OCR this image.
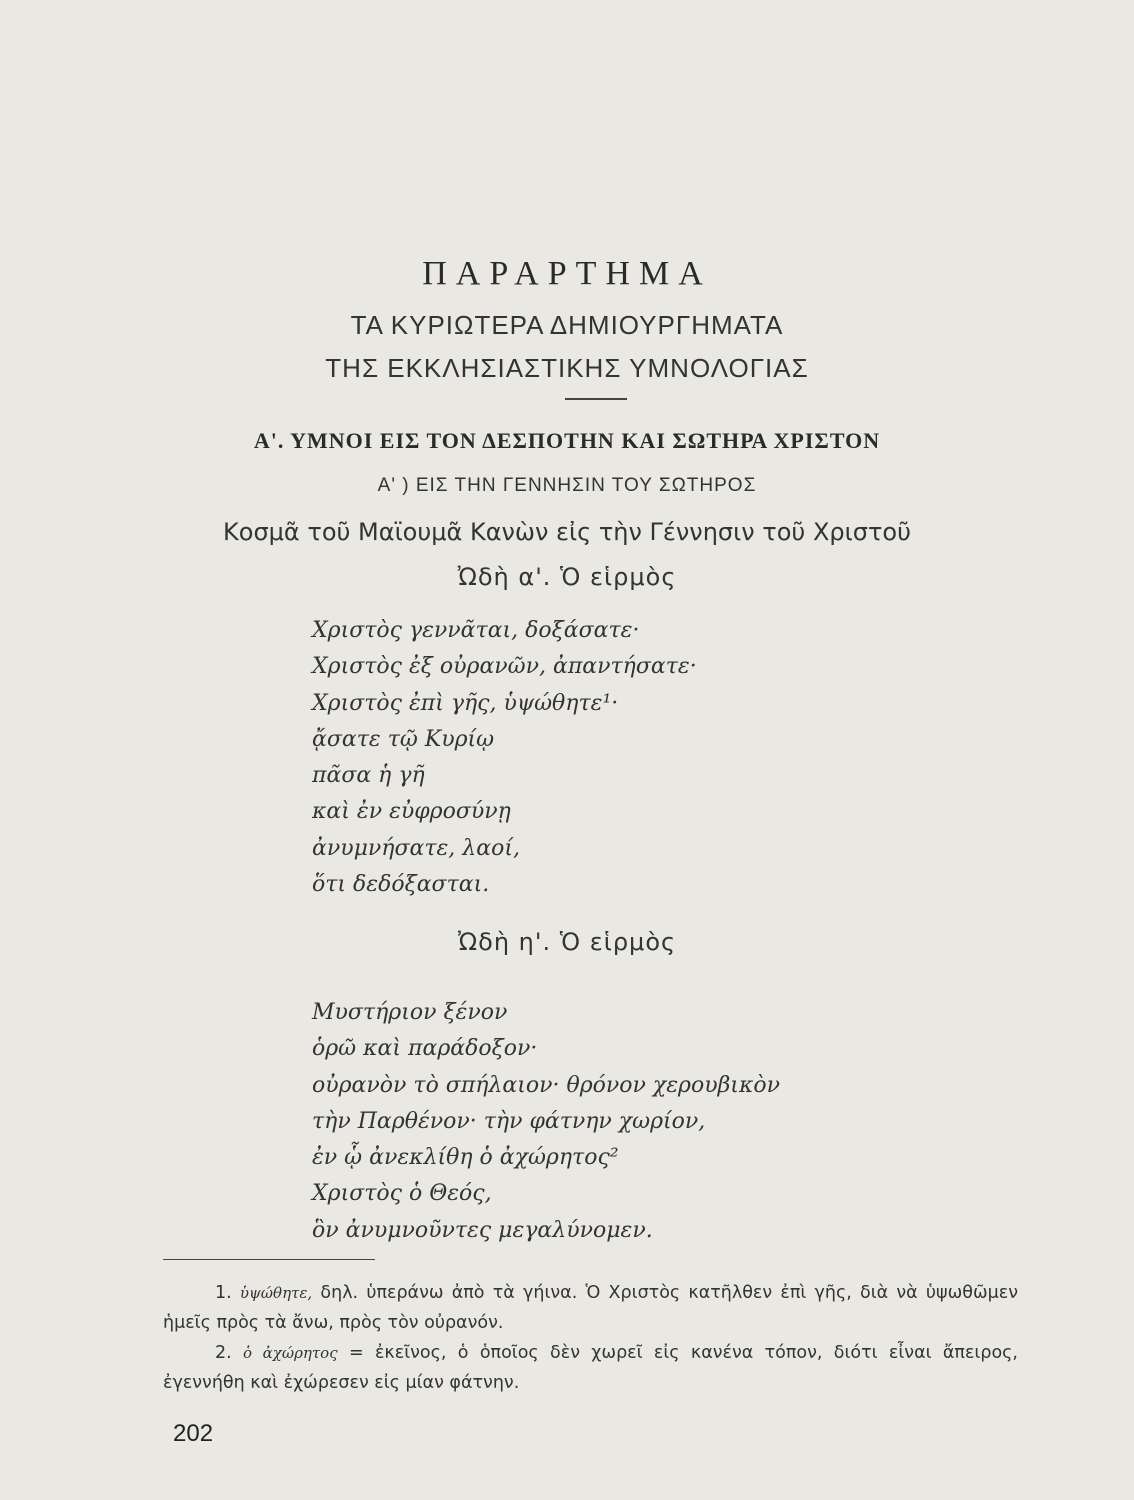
ΠΑΡΑΡΤΗΜΑ
ΤΑ ΚΥΡΙΩΤΕΡΑ ΔΗΜΙΟΥΡΓΗΜΑΤΑ
ΤΗΣ ΕΚΚΛΗΣΙΑΣΤΙΚΗΣ ΥΜΝΟΛΟΓΙΑΣ
Α'. ΥΜΝΟΙ ΕΙΣ ΤΟΝ ΔΕΣΠΟΤΗΝ ΚΑΙ ΣΩΤΗΡΑ ΧΡΙΣΤΟΝ
Α' ) ΕΙΣ ΤΗΝ ΓΕΝΝΗΣΙΝ ΤΟΥ ΣΩΤΗΡΟΣ
Κοσμᾶ τοῦ Μαϊουμᾶ Κανὼν εἰς τὴν Γέννησιν τοῦ Χριστοῦ
Ὠδὴ α'. Ὁ εἱρμὸς
Χριστὸς γεννᾶται, δοξάσατε·
Χριστὸς ἐξ οὐρανῶν, ἀπαντήσατε·
Χριστὸς ἐπὶ γῆς, ὑψώθητε¹·
ᾄσατε τῷ Κυρίῳ
πᾶσα ἡ γῆ
καὶ ἐν εὐφροσύνῃ
ἀνυμνήσατε, λαοί,
ὅτι δεδόξασται.
Ὠδὴ η'. Ὁ εἱρμὸς
Μυστήριον ξένον
ὁρῶ καὶ παράδοξον·
οὐρανὸν τὸ σπήλαιον· θρόνον χερουβικὸν
τὴν Παρθένον· τὴν φάτνην χωρίον,
ἐν ᾧ ἀνεκλίθη ὁ ἀχώρητος²
Χριστὸς ὁ Θεός,
ὃν ἀνυμνοῦντες μεγαλύνομεν.

1. ὑψώθητε, δηλ. ὑπεράνω ἀπὸ τὰ γήινα. Ὁ Χριστὸς κατῆλθεν ἐπὶ γῆς, διὰ νὰ ὑψωθῶμεν ἡμεῖς πρὸς τὰ ἄνω, πρὸς τὸν οὐρανόν.

2. ὁ ἀχώρητος = ἐκεῖνος, ὁ ὁποῖος δὲν χωρεῖ εἰς κανένα τόπον, διότι εἶναι ἄπειρος, ἐγεννήθη καὶ ἐχώρεσεν εἰς μίαν φάτνην.

202
